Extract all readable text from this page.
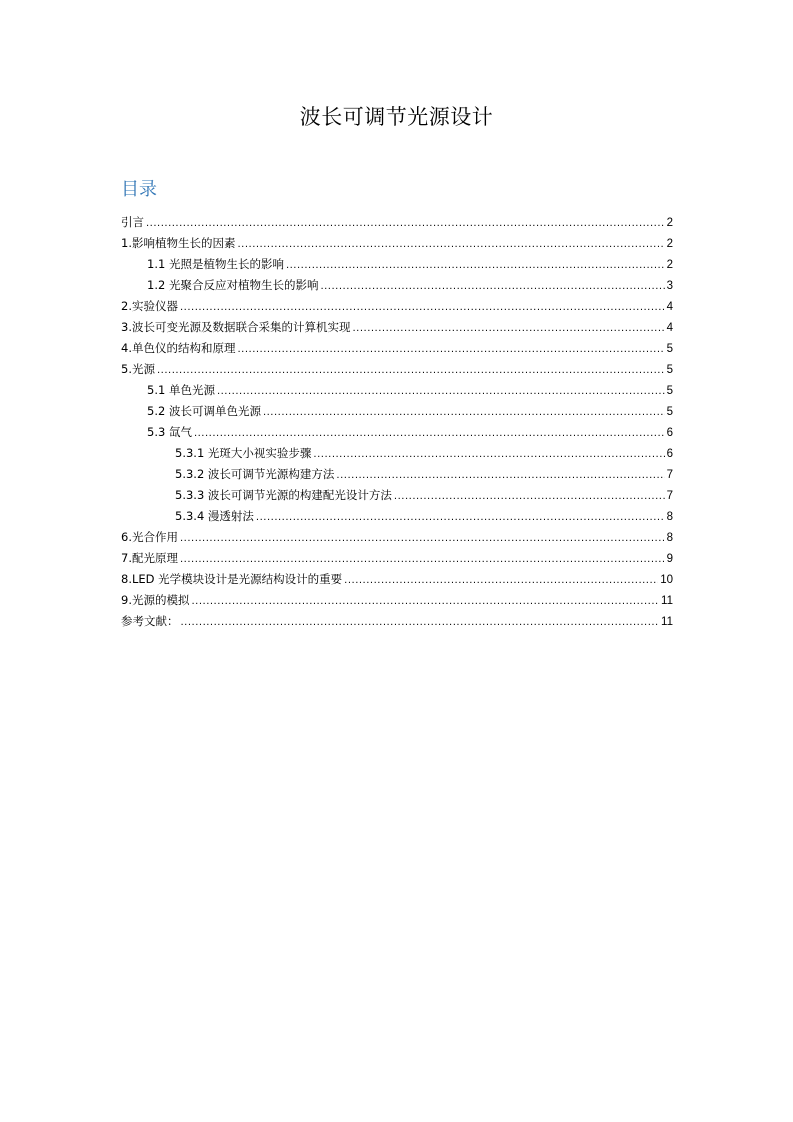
波长可调节光源设计
目录
引言 .....	2
1.影响植物生长的因素 .....	2
1.1 光照是植物生长的影响 .....	2
1.2 光聚合反应对植物生长的影响 .....	3
2.实验仪器 .....	4
3.波长可变光源及数据联合采集的计算机实现 .....	4
4.单色仪的结构和原理 .....	5
5.光源 .....	5
5.1 单色光源 .....	5
5.2 波长可调单色光源 .....	5
5.3 氙气 .....	6
5.3.1 光斑大小视实验步骤 .....	6
5.3.2 波长可调节光源构建方法 .....	7
5.3.3 波长可调节光源的构建配光设计方法 .....	7
5.3.4 漫透射法 .....	8
6.光合作用 .....	8
7.配光原理 .....	9
8.LED 光学模块设计是光源结构设计的重要 .....	10
9.光源的模拟 .....	11
参考文献： .....	11
